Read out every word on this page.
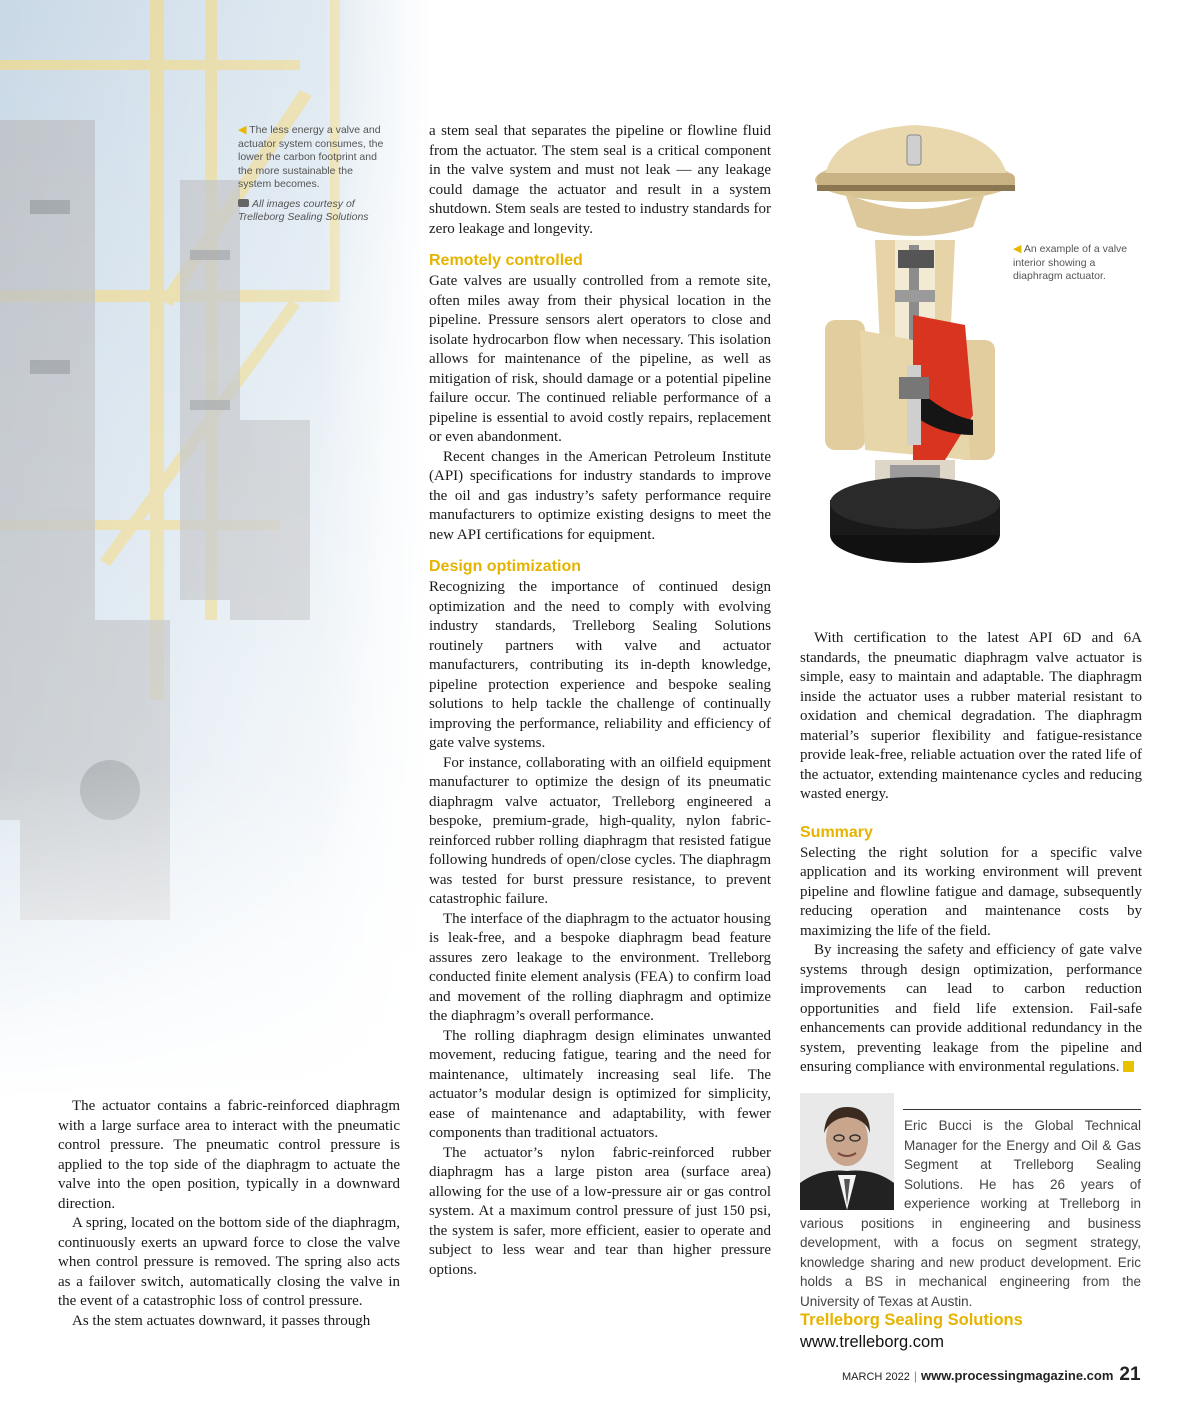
◀ The less energy a valve and actuator system consumes, the lower the carbon footprint and the more sustainable the system becomes.
All images courtesy of Trelleborg Sealing Solutions

The actuator contains a fabric-reinforced diaphragm with a large surface area to interact with the pneumatic control pressure. The pneumatic control pressure is applied to the top side of the diaphragm to actuate the valve into the open position, typically in a downward direction.

A spring, located on the bottom side of the diaphragm, continuously exerts an upward force to close the valve when control pressure is removed. The spring also acts as a failover switch, automatically closing the valve in the event of a catastrophic loss of control pressure.

As the stem actuates downward, it passes through

a stem seal that separates the pipeline or flowline fluid from the actuator. The stem seal is a critical component in the valve system and must not leak — any leakage could damage the actuator and result in a system shutdown. Stem seals are tested to industry standards for zero leakage and longevity.

Remotely controlled

Gate valves are usually controlled from a remote site, often miles away from their physical location in the pipeline. Pressure sensors alert operators to close and isolate hydrocarbon flow when necessary. This isolation allows for maintenance of the pipeline, as well as mitigation of risk, should damage or a potential pipeline failure occur. The continued reliable performance of a pipeline is essential to avoid costly repairs, replacement or even abandonment.

Recent changes in the American Petroleum Institute (API) specifications for industry standards to improve the oil and gas industry’s safety performance require manufacturers to optimize existing designs to meet the new API certifications for equipment.

Design optimization

Recognizing the importance of continued design optimization and the need to comply with evolving industry standards, Trelleborg Sealing Solutions routinely partners with valve and actuator manufacturers, contributing its in-depth knowledge, pipeline protection experience and bespoke sealing solutions to help tackle the challenge of continually improving the performance, reliability and efficiency of gate valve systems.

For instance, collaborating with an oilfield equipment manufacturer to optimize the design of its pneumatic diaphragm valve actuator, Trelleborg engineered a bespoke, premium-grade, high-quality, nylon fabric-reinforced rubber rolling diaphragm that resisted fatigue following hundreds of open/close cycles. The diaphragm was tested for burst pressure resistance, to prevent catastrophic failure.

The interface of the diaphragm to the actuator housing is leak-free, and a bespoke diaphragm bead feature assures zero leakage to the environment. Trelleborg conducted finite element analysis (FEA) to confirm load and movement of the rolling diaphragm and optimize the diaphragm’s overall performance.

The rolling diaphragm design eliminates unwanted movement, reducing fatigue, tearing and the need for maintenance, ultimately increasing seal life. The actuator’s modular design is optimized for simplicity, ease of maintenance and adaptability, with fewer components than traditional actuators.

The actuator’s nylon fabric-reinforced rubber diaphragm has a large piston area (surface area) allowing for the use of a low-pressure air or gas control system. At a maximum control pressure of just 150 psi, the system is safer, more efficient, easier to operate and subject to less wear and tear than higher pressure options.

◀ An example of a valve interior showing a diaphragm actuator.

With certification to the latest API 6D and 6A standards, the pneumatic diaphragm valve actuator is simple, easy to maintain and adaptable. The diaphragm inside the actuator uses a rubber material resistant to oxidation and chemical degradation. The diaphragm material’s superior flexibility and fatigue-resistance provide leak-free, reliable actuation over the rated life of the actuator, extending maintenance cycles and reducing wasted energy.

Summary

Selecting the right solution for a specific valve application and its working environment will prevent pipeline and flowline fatigue and damage, subsequently reducing operation and maintenance costs by maximizing the life of the field.

By increasing the safety and efficiency of gate valve systems through design optimization, performance improvements can lead to carbon reduction opportunities and field life extension. Fail-safe enhancements can provide additional redundancy in the system, preventing leakage from the pipeline and ensuring compliance with environmental regulations.

Eric Bucci is the Global Technical Manager for the Energy and Oil & Gas Segment at Trelleborg Sealing Solutions. He has 26 years of experience working at Trelleborg in various positions in engineering and business development, with a focus on segment strategy, knowledge sharing and new product development. Eric holds a BS in mechanical engineering from the University of Texas at Austin.
Trelleborg Sealing Solutions
www.trelleborg.com
MARCH 2022 | www.processingmagazine.com 21
